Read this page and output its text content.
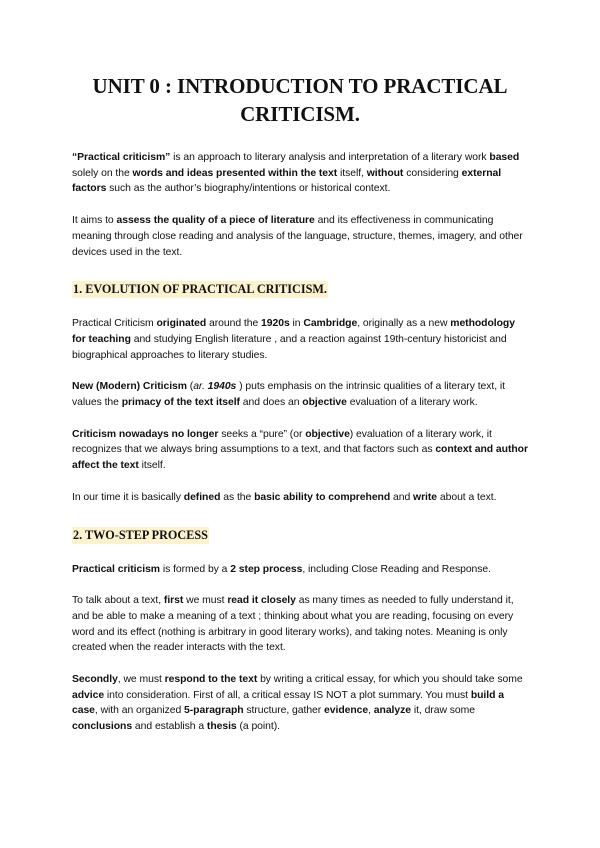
UNIT 0 : INTRODUCTION TO PRACTICAL
CRITICISM.

“Practical criticism” is an approach to literary analysis and interpretation of a literary work based solely on the words and ideas presented within the text itself, without considering external factors such as the author’s biography/intentions or historical context.

It aims to assess the quality of a piece of literature and its effectiveness in communicating meaning through close reading and analysis of the language, structure, themes, imagery, and other devices used in the text.

1. EVOLUTION OF PRACTICAL CRITICISM.

Practical Criticism originated around the 1920s in Cambridge, originally as a new methodology for teaching and studying English literature , and a reaction against 19th-century historicist and biographical approaches to literary studies.

New (Modern) Criticism (ar. 1940s ) puts emphasis on the intrinsic qualities of a literary text, it values the primacy of the text itself and does an objective evaluation of a literary work.

Criticism nowadays no longer seeks a “pure” (or objective) evaluation of a literary work, it recognizes that we always bring assumptions to a text, and that factors such as context and author affect the text itself.

In our time it is basically defined as the basic ability to comprehend and write about a text.

2. TWO-STEP PROCESS

Practical criticism is formed by a 2 step process, including Close Reading and Response.

To talk about a text, first we must read it closely as many times as needed to fully understand it, and be able to make a meaning of a text ; thinking about what you are reading, focusing on every word and its effect (nothing is arbitrary in good literary works), and taking notes. Meaning is only created when the reader interacts with the text.

Secondly, we must respond to the text by writing a critical essay, for which you should take some advice into consideration. First of all, a critical essay IS NOT a plot summary. You must build a case, with an organized 5-paragraph structure, gather evidence, analyze it, draw some conclusions and establish a thesis (a point).
